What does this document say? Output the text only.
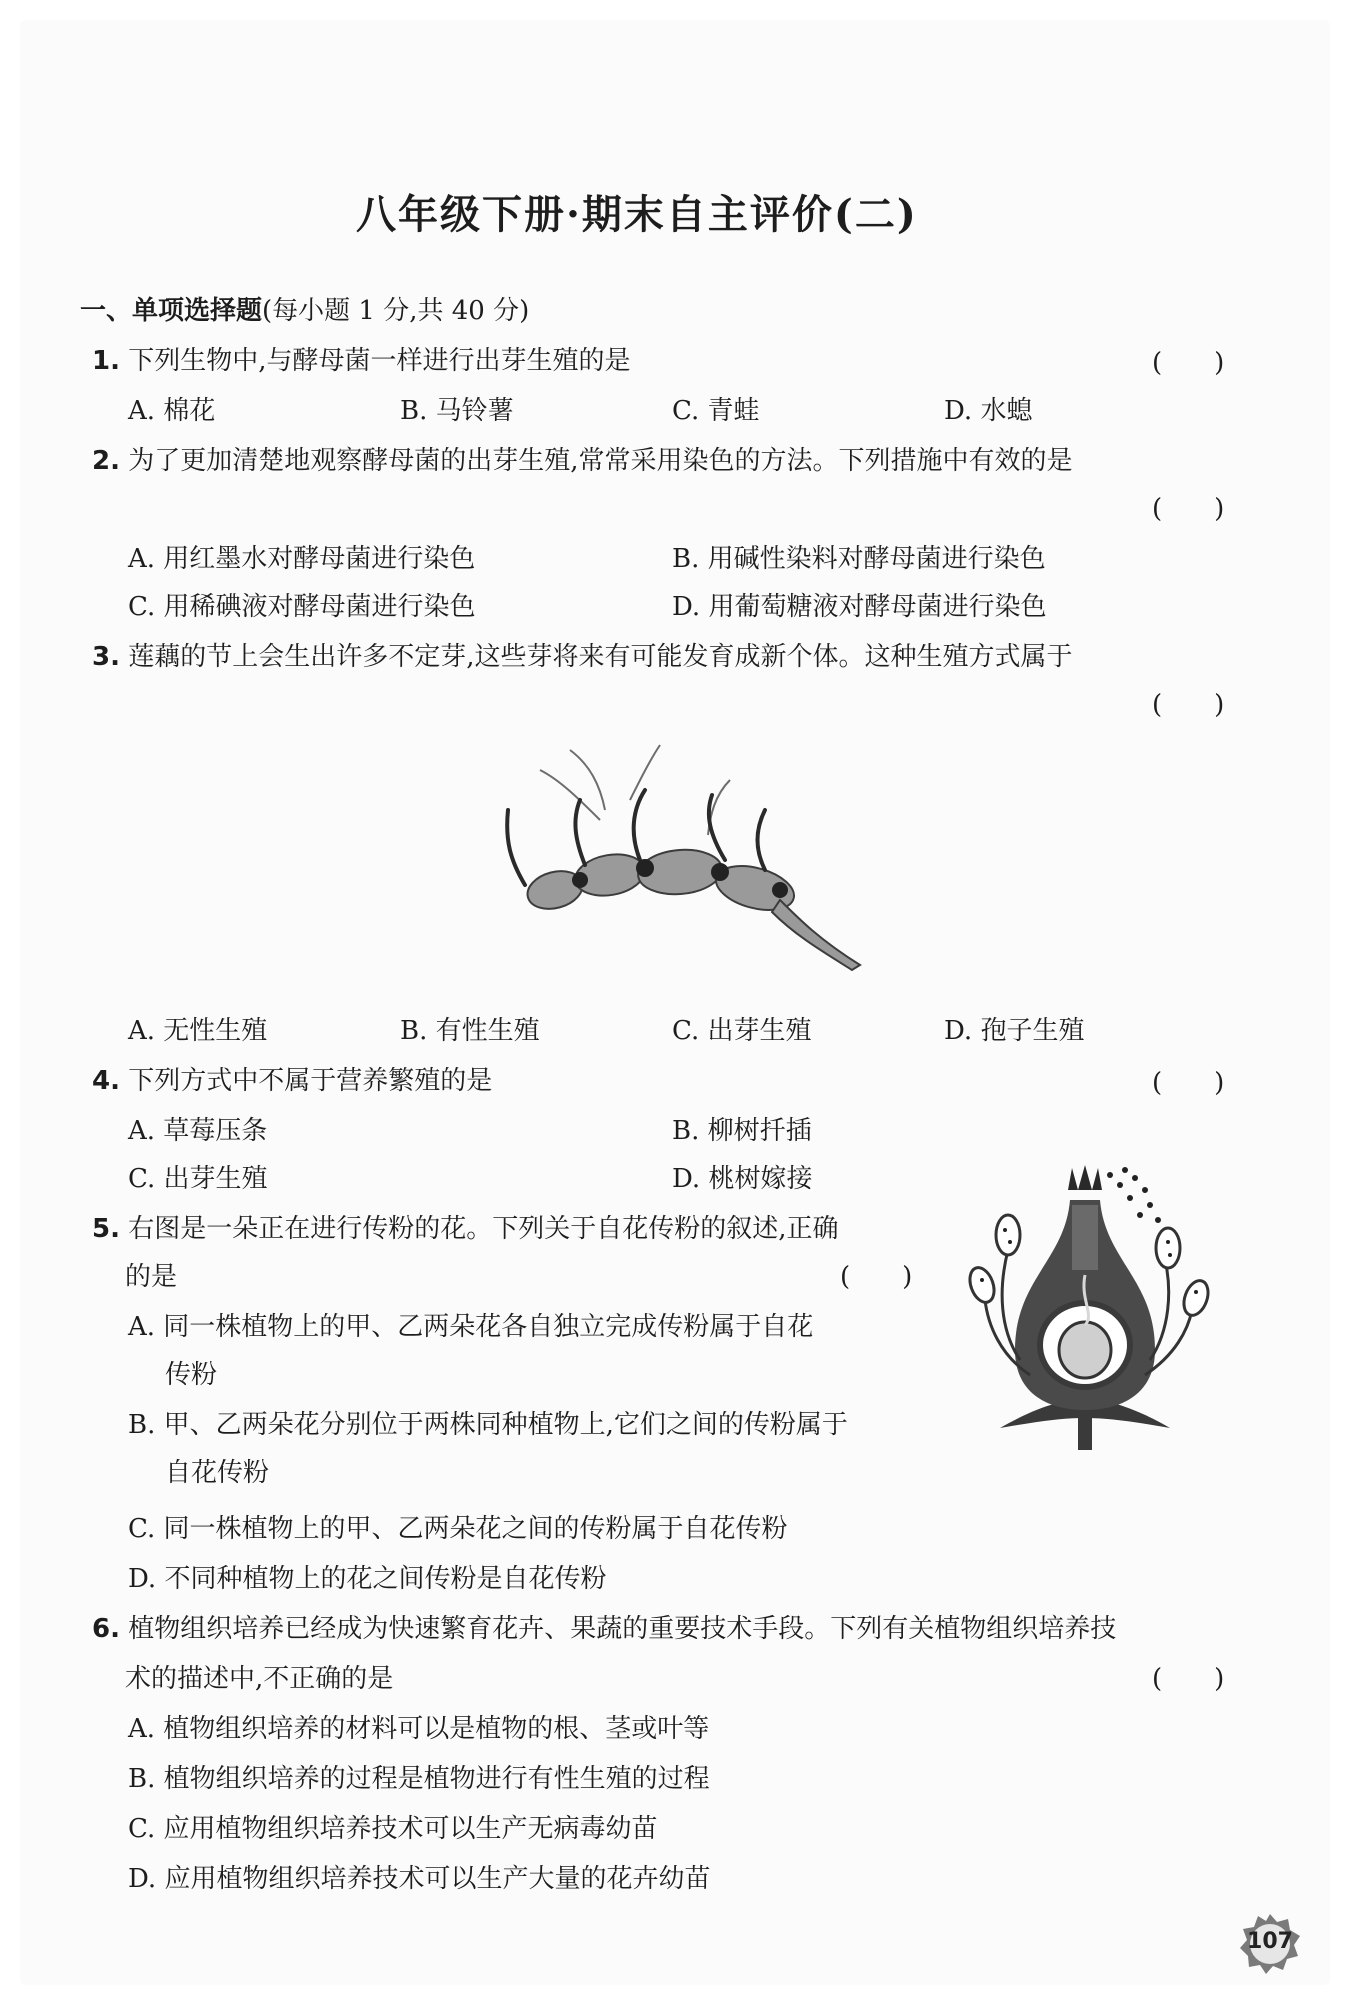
八年级下册·期末自主评价(二)
一、单项选择题(每小题 1 分,共 40 分)
1. 下列生物中,与酵母菌一样进行出芽生殖的是	(　　)
A. 棉花	B. 马铃薯	C. 青蛙	D. 水螅
2. 为了更加清楚地观察酵母菌的出芽生殖,常常采用染色的方法。下列措施中有效的是
(　　)
A. 用红墨水对酵母菌进行染色	B. 用碱性染料对酵母菌进行染色
C. 用稀碘液对酵母菌进行染色	D. 用葡萄糖液对酵母菌进行染色
3. 莲藕的节上会生出许多不定芽,这些芽将来有可能发育成新个体。这种生殖方式属于
(　　)
A. 无性生殖	B. 有性生殖	C. 出芽生殖	D. 孢子生殖
4. 下列方式中不属于营养繁殖的是	(　　)
A. 草莓压条	B. 柳树扦插
C. 出芽生殖	D. 桃树嫁接
5. 右图是一朵正在进行传粉的花。下列关于自花传粉的叙述,正确
的是	(　　)
A. 同一株植物上的甲、乙两朵花各自独立完成传粉属于自花
传粉
B. 甲、乙两朵花分别位于两株同种植物上,它们之间的传粉属于
自花传粉
C. 同一株植物上的甲、乙两朵花之间的传粉属于自花传粉
D. 不同种植物上的花之间传粉是自花传粉
6. 植物组织培养已经成为快速繁育花卉、果蔬的重要技术手段。下列有关植物组织培养技
术的描述中,不正确的是	(　　)
A. 植物组织培养的材料可以是植物的根、茎或叶等
B. 植物组织培养的过程是植物进行有性生殖的过程
C. 应用植物组织培养技术可以生产无病毒幼苗
D. 应用植物组织培养技术可以生产大量的花卉幼苗
107
